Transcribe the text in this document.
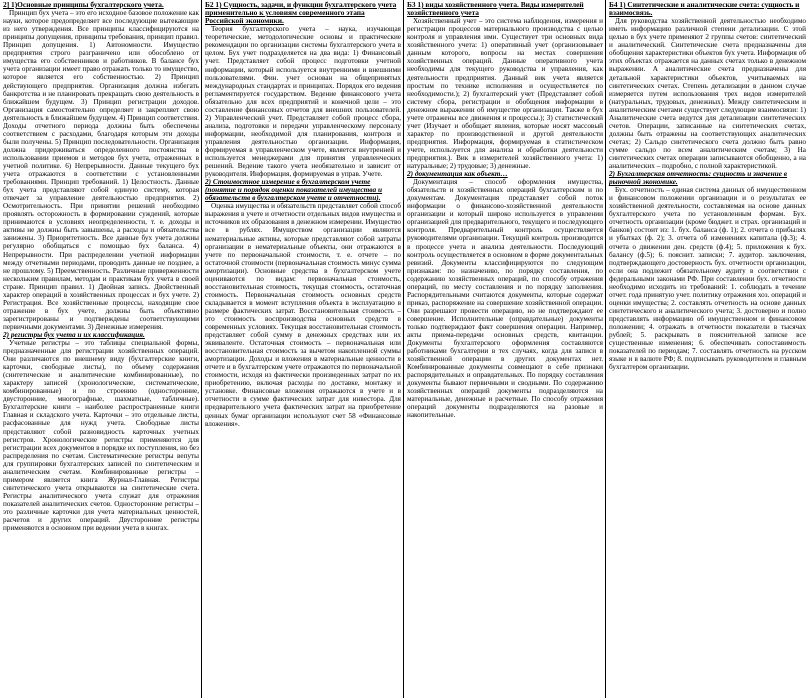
2] 1)Основные принципы бухгалтерского учета.

Принцип бух учета – это его исходное базовое положение как науки, которое предопределяет все последующие вытекающие из него утверждения. Все принципы классифицируются на принципы допущения, принципы требования, принцип правил. Принцип допущения. 1) Автономности. Имущество предприятия строго разграничено или обособлено от имущества его собственников и работников. В балансе бух учета организации имеет право отражать только то имущество, которое является его собственностью. 2) Принцип действующего предприятия. Организация должна избегать банкротства и не планировать прекращать свою деятельность в ближайшем будущем. 3) Принцип регистрации доходов. Организация самостоятельно определяет и закрепляет свою деятельность в ближайшем будущем. 4) Принцип соответствия. Доходы отчетного периода должны быть обеспечены соответствием с расходами, благодаря которым эти доходы были получены. 5) Принцип последовательности. Организация должна придерживаться определенного постоянства в использовании приемов и методов бух учета, отраженных в учетной политике. 6) Непрерывности. Данные текущего бух учета отражаются в соответствии с установленными требованиями. Принцип требований. 1) Целостность. Данные бух учета представляют собой единую систему, которая отвечает за управление деятельностью предприятия. 2) Осмотрительность. При принятии решений необходимо проявлять осторожность в формировании суждений, которые принимаются в условиях неопределенности, т. е. доходы и активы не должны быть завышены, а расходы и обязательства занижены. 3) Приоритетность. Все данные бух учета должны регулярно обобщаться с помощью бух баланса. 4) Непрерывности. При распределении учетной информации между отчетными периодами, проводить данные не позднее, а не прошлому. 5) Преемственность. Различные приверженности нескольким правилам, методам и практикам бух учета в своей стране. Принцип правил. 1) Двойная запись. Двойственный характер операций в хозяйственных процессах и бух учете. 2) Регистрация. Все хозяйственные процессы, находящие свое отражение в бух учете, должны быть объективно зарегистрированы и подтверждены соответствующими первичными документами. 3) Денежные измерения.

2) регистры бух учета и их классификация.

Учетные регистры – это таблицы специальной формы, предназначенные для регистрации хозяйственных операций. Они различаются по внешнему виду (бухгалтерские книги, карточки, свободные листы), по объему содержания (синтетические и аналитические комбинированные), по характеру записей (хронологические, систематические, комбинированные) и по строению (односторонние, двусторонние, многографные, шахматные, табличные). Бухгалтерские книги – наиболее распространенные книги Главная и складского учета. Карточки – это отдельные листы, расфасованные для нужд учета. Свободные листы представляют собой разновидность карточных учетных регистров. Хронологические регистры применяются для регистрации всех документов в порядке их поступления, но без распределения по счетам. Систематические регистры вепуты для группировки бухгалтерских записей по синтетическим и аналитическим счетам. Комбинированные регистры – примером является книга Журнал-Главная. Регистры синтетического учета открываются на синтетические счета. Регистры аналитического учета служат для отражения показателей аналитических счетов. Односторонние регистры – это различные карточки для учета материальных ценностей, расчетов и других операций. Двусторонние регистры применяются в основном при ведении учета в книгах.

Б2 1) Сущность, задачи, и функции бухгалтерского учета применительно к условиям современного этапа Российской экономики.

Теория бухгалтерского учета – наука, изучающая теоретические, методологические основы и практические рекомендации по организации системы бухгалтерского учета в целом. Бух учет подразделяется на два вида: 1) Финансовый учет. Представляет собой процесс подготовки учетной информации, который используется внутренними и внешними пользователями. Фин. учет основан на общепринятых международных стандартах и принципах. Порядок его ведения регламентируется государством. Ведение финансового учета обязательно для всех предприятий и конечной цели – это составление финансовых отчетов для внешних пользователей. 2) Управленческий учет. Представляет собой процесс сбора, анализа, подготовки и передачи управленческому персоналу информации, необходимой для планирования, контроля и управления деятельностью организации. Информация, формируемая в управленческом учете, является внутренней и используется менеджерами для принятия управленческих решений. Ведение такого учета необязательно и зависит от руководителя. Информация, формируемая в управ. Учете.

2) Стоимостное измерение в бухгалтерском учете (понятие и порядок оценки показателей имущества и обязательств в бухгалтерском учете и отчетности).

Оценка имущества и обязательств представляет собой способ выражения в учете и отчетности отдельных видов имущества и источников их образования в денежном измерении. Имущество все в рублях. Имуществом организации являются нематериальные активы, которые представляют собой затраты организации в нематериальные объекты, они отражаются в учете по первоначальной стоимости, т. е. отчете – по остаточной стоимости (первоначальная стоимость минус сумма амортизации). Основные средства в бухгалтерском учете оцениваются по видам: первоначальная стоимость, восстановительная стоимость, текущая стоимость, остаточная стоимость. Первоначальная стоимость основных средств складывается в момент вступления объекта в эксплуатацию в размере фактических затрат. Восстановительная стоимость – это стоимость воспроизводства основных средств в современных условиях. Текущая восстановительная стоимость представляет собой сумму в денежных средствах или их эквиваленте. Остаточная стоимость – первоначальная или восстановительная стоимость за вычетом накопленной суммы амортизации. Доходы и вложения в материальные ценности в отчете и в бухгалтерском учете отражаются по первоначальной стоимости, исходя из фактически произведенных затрат по их приобретению, включая расходы по доставке, монтажу и установке. Финансовые вложения отражаются в учете и в отчетности в сумме фактических затрат для инвестора. Для предварительного учета фактических затрат на приобретение ценных бумаг организации используют счет 58 «Финансовые вложения».

Б3 1) виды хозяйственного учета. Виды измерителей хозяйственного учета

Хозяйственный учет – это система наблюдения, измерения и регистрации процессов материального производства с целью контроля и управления ими. Существует три основных вида хозяйственного учета: 1) оперативный учет (организовывает данным которого, вопросы на местах совершения хозяйственных операций. Данные оперативного учета необходимы для текущего руководства и управления, как деятельности предприятия. Данный вик учета является простым по технике исполнения и осуществляется по необходимости.); 2) бухгалтерский учет (Представляет собой систему сбора, регистрации и обобщения информации в денежном выражении об имуществе организации. Также в бух учете отражены все движения и процессы.); 3) статистический учет (Изучает и обобщает явления, которые носят массовый характер по производственной и другой деятельности предприятия. Информация, формируемая в статистическом учете, используется для анализа и обработки деятельности предприятия.). Вик в измерителей хозяйственного учета: 1) натуральные; 2) трудовые; 3) денежные.

2) документация как объект…

Документация – способ оформления имущества, обязательств и хозяйственных операций бухгалтерским и по документам. Документация представляет собой поток информации о финансово-хозяйственной деятельности организации и который широко используется в управлении организацией для предварительного, текущего и последующего контроля. Предварительный контроль осуществляется руководителями организации. Текущий контроль производится в процессе учета и анализа деятельности. Последующий контроль осуществляется в основном в форме документальных ревизий. Документы классифицируются по следующим признакам: по назначению, по порядку составления, по содержанию хозяйственных операций, по способу отражения операций, по месту составления и по порядку заполнения. Распорядительными считаются документы, которые содержат приказ, распоряжение на совершение хозяйственной операции. Они разрешают провести операцию, но не подтверждают ее совершение. Исполнительные (оправдательные) документы только подтверждают факт совершения операции. Например, акты приема-передачи основных средств, квитанции. Документы бухгалтерского оформления составляются работниками бухгалтерии в тех случаях, когда для записи в хозяйственной операции в других документах нет. Комбинированные документы совмещают в себе признаки распорядительных и оправдательных. По порядку составления документы бывают первичными и сводными. По содержанию хозяйственных операций документы подразделяются на материальные, денежные и расчетные. По способу отражения операций документы подразделяются на разовые и накопительные.

Б4 1) Синтетические и аналитические счета: сущность и взаимосвязь.

Для руководства хозяйственной деятельностью необходимо иметь информацию различной степени детализации. С этой целью в бух учете применяют 2 группы счетов: синтетический и аналитический. Синтетические счета предназначены для обобщения характеристики объектов бух учета. Информация об этих объектах отражается на данных счетах только в денежном выражении. А аналитические счета предназначены для детальной характеристики объектов, учитываемых на синтетических счетах. Степень детализации в данном случае измеряется путем использования трех видов измерителей (натуральных, трудовых, денежных). Между синтетическим и аналитическим счетами существует следующие взаимосвязи: 1) Аналитические счета ведутся для детализации синтетических счетов. Операции, записанные на синтетических счетах, должны быть отражены на соответствующих аналитических счетах; 2) Сальдо синтетического счета должно быть равно сумме сальдо по всем аналитическим счетам; 3) На синтетических счетах операции записываются обобщенно, а на аналитических – подробно, с полной характеристикой.

2) Бухгалтерская отчетность: сущность и значение в рыночной экономике.

Бух. отчетность – единая система данных об имущественном и финансовом положении организации и о результатах ее хозяйственной деятельности, составляемая на основе данных бухгалтерского учета по установленным формам. Бух. отчетность организации (кроме бюджет. и страх. организаций и банков) состоит из: 1. бух. баланса (ф. 1); 2. отчета о прибылях и убытках (ф. 2); 3. отчета об изменениях капитала (ф.3); 4. отчета о движении ден. средств (ф.4); 5. приложения к бух. балансу (ф.5); 6. пояснит. записки; 7. аудитор. заключения, подтверждающего достоверность бух. отчетности организации, если она подлежит обязательному аудиту в соответствии с федеральными законами РФ. При составлении бух. отчетности необходимо исходить из требований: 1. соблюдать в течение отчет. года принятую учет. политику отражения хоз. операций и оценки имущества; 2. составлять отчетность на основе данных синтетического и аналитического учета; 3. достоверно и полно представлять информацию об имущественном и финансовом положении; 4. отражать в отчетности показатели в тысячах рублей; 5. раскрывать в пояснительной записке все существенные изменения; 6. обеспечивать сопоставимость показателей по периодам; 7. составлять отчетность на русском языке и в валюте РФ; 8. подписывать руководителем и главным бухгалтером организации.
